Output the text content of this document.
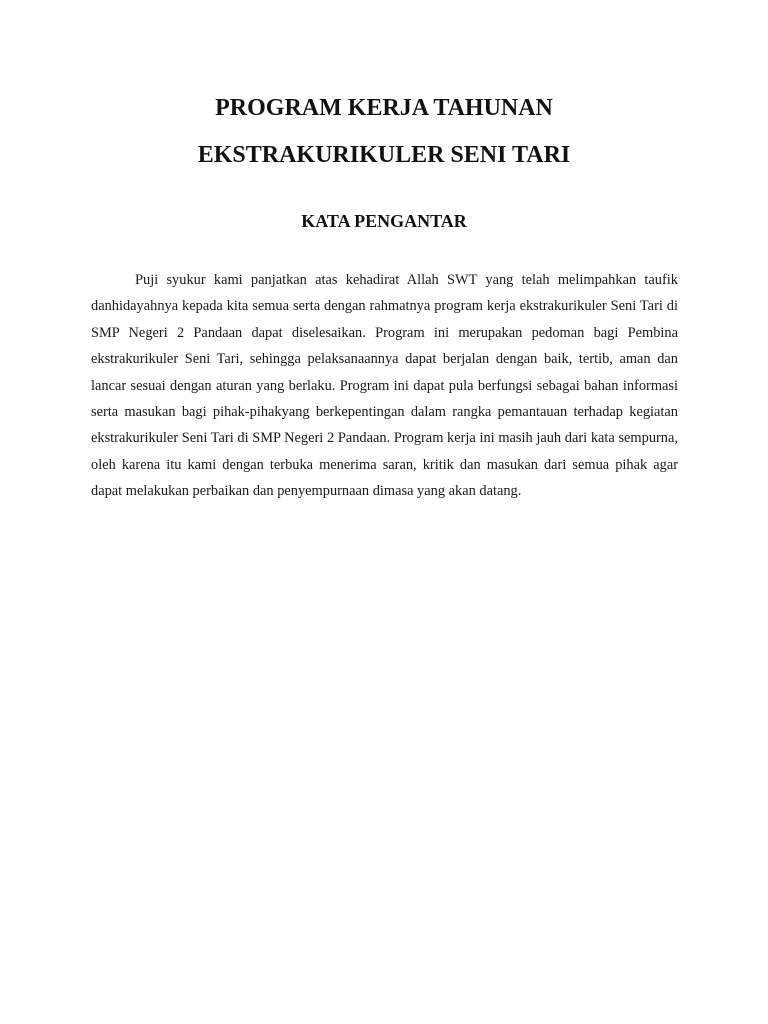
PROGRAM KERJA TAHUNAN
EKSTRAKURIKULER SENI TARI
KATA PENGANTAR

Puji syukur kami panjatkan atas kehadirat Allah SWT yang telah melimpahkan taufik danhidayahnya kepada kita semua serta dengan rahmatnya program kerja ekstrakurikuler Seni Tari di SMP Negeri 2 Pandaan dapat diselesaikan. Program ini merupakan pedoman bagi Pembina ekstrakurikuler Seni Tari, sehingga pelaksanaannya dapat berjalan dengan baik, tertib, aman dan lancar sesuai dengan aturan yang berlaku. Program ini dapat pula berfungsi sebagai bahan informasi serta masukan bagi pihak-pihakyang berkepentingan dalam rangka pemantauan terhadap kegiatan ekstrakurikuler Seni Tari di SMP Negeri 2 Pandaan. Program kerja ini masih jauh dari kata sempurna, oleh karena itu kami dengan terbuka menerima saran, kritik dan masukan dari semua pihak agar dapat melakukan perbaikan dan penyempurnaan dimasa yang akan datang.
